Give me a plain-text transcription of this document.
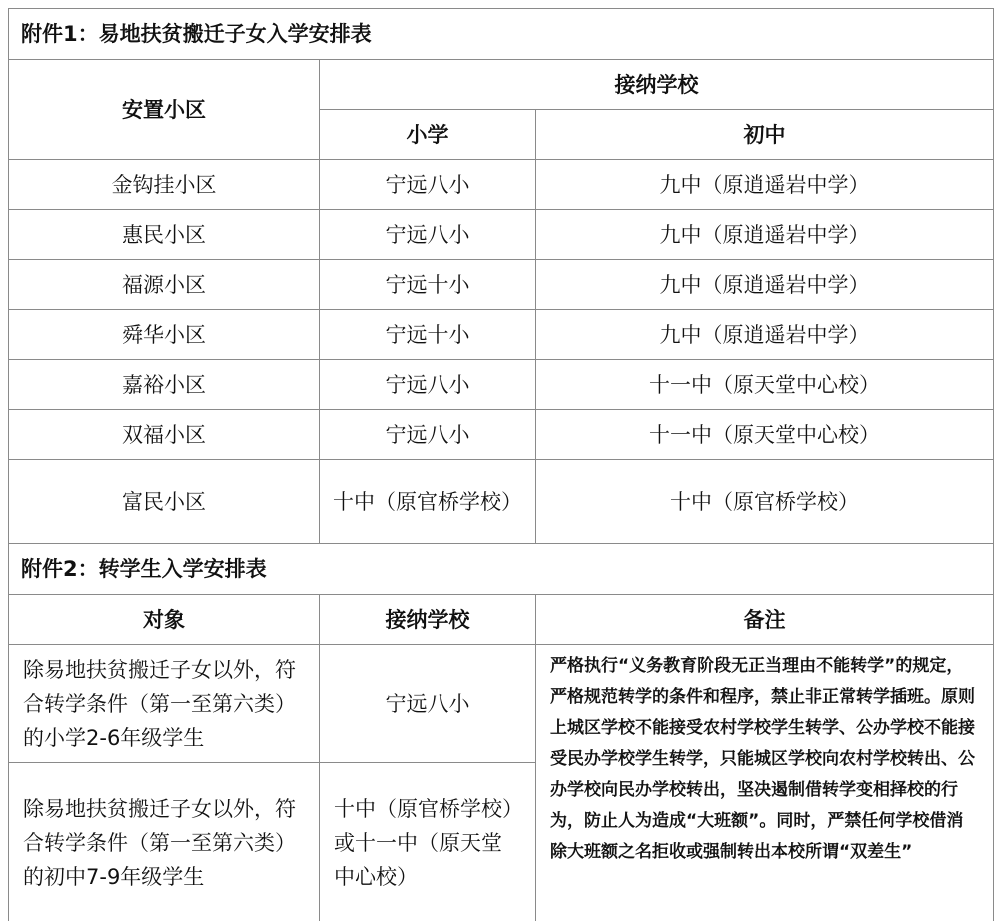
附件1：易地扶贫搬迁子女入学安排表		
安置小区	接纳学校	
	小学	初中
金钩挂小区	宁远八小	九中（原逍遥岩中学）
惠民小区	宁远八小	九中（原逍遥岩中学）
福源小区	宁远十小	九中（原逍遥岩中学）
舜华小区	宁远十小	九中（原逍遥岩中学）
嘉裕小区	宁远八小	十一中（原天堂中心校）
双福小区	宁远八小	十一中（原天堂中心校）
富民小区	十中（原官桥学校）	十中（原官桥学校）
附件2：转学生入学安排表		
对象	接纳学校	备注
除易地扶贫搬迁子女以外，符合转学条件（第一至第六类）的小学2-6年级学生	宁远八小	严格执行“义务教育阶段无正当理由不能转学”的规定，严格规范转学的条件和程序，禁止非正常转学插班。原则上城区学校不能接受农村学校学生转学、公办学校不能接受民办学校学生转学，只能城区学校向农村学校转出、公办学校向民办学校转出，坚决遏制借转学变相择校的行为，防止人为造成“大班额”。同时，严禁任何学校借消除大班额之名拒收或强制转出本校所谓“双差生”

除易地扶贫搬迁子女以外，符合转学条件（第一至第六类）的初中7-9年级学生	十中（原官桥学校）或十一中（原天堂中心校）	
